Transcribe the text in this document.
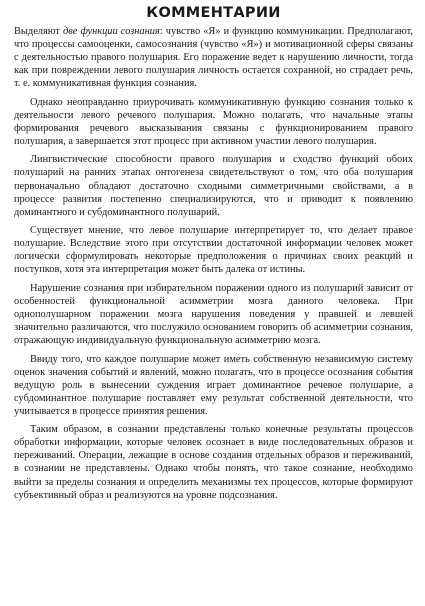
КОММЕНТАРИИ

Выделяют две функции сознания: чувство «Я» и функцию коммуникации. Предполагают, что процессы самооценки, самосознания (чувство «Я») и мотивационной сферы связаны с деятельностью правого полушария. Его поражение ведет к нарушению личности, тогда как при повреждении левого полушария личность остается сохранной, но страдает речь, т. е. коммуникативная функция сознания.

Однако неоправданно приурочивать коммуникативную функцию сознания только к деятельности левого речевого полушария. Можно полагать, что начальные этапы формирования речевого высказывания связаны с функционированием правого полушария, а завершается этот процесс при активном участии левого полушария.

Лингвистические способности правого полушария и сходство функций обоих полушарий на ранних этапах онтогенеза свидетельствуют о том, что оба полушария первоначально обладают достаточно сходными симметричными свойствами, а в процессе развития постепенно специализируются, что и приводит к появлению доминантного и субдоминантного полушарий.

Существует мнение, что левое полушарие интерпретирует то, что делает правое полушарие. Вследствие этого при отсутствии достаточной информации человек может логически сформулировать некоторые предположения о причинах своих реакций и поступков, хотя эта интерпретация может быть далека от истины.

Нарушение сознания при избирательном поражении одного из полушарий зависит от особенностей функциональной асимметрии мозга данного человека. При однополушарном поражении мозга нарушения поведения у правшей и левшей значительно различаются, что послужило основанием говорить об асимметрии сознания, отражающую индивидуальную функциональную асимметрию мозга.

Ввиду того, что каждое полушарие может иметь собственную независимую систему оценок значения событий и явлений, можно полагать, что в процессе осознания события ведущую роль в вынесении суждения играет доминантное речевое полушарие, а субдоминантное полушарие поставляет ему результат собственной деятельности, что учитывается в процессе принятия решения.

Таким образом, в сознании представлены только конечные результаты процессов обработки информации, которые человек осознает в виде последовательных образов и переживаний. Операции, лежащие в основе создания отдельных образов и переживаний, в сознании не представлены. Однако чтобы понять, что такое сознание, необходимо выйти за пределы сознания и определить механизмы тех процессов, которые формируют субъективный образ и реализуются на уровне подсознания.
